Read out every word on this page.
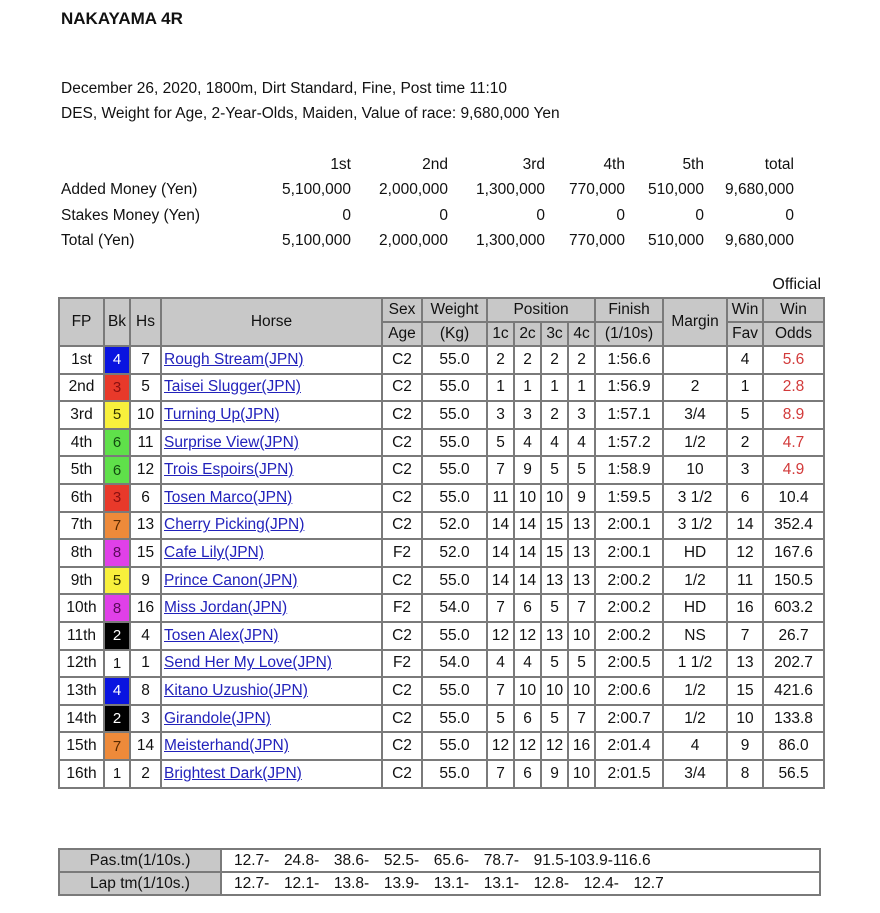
NAKAYAMA 4R
December 26, 2020, 1800m, Dirt Standard, Fine, Post time 11:10
DES, Weight for Age, 2-Year-Olds, Maiden, Value of race: 9,680,000 Yen
	1st	2nd	3rd	4th	5th	total
Added Money (Yen)	5,100,000	2,000,000	1,300,000	770,000	510,000	9,680,000
Stakes Money (Yen)	0	0	0	0	0	0
Total (Yen)	5,100,000	2,000,000	1,300,000	770,000	510,000	9,680,000
Official
FP	Bk	Hs	Horse	Sex	Weight	Position				Finish	Margin	Win	Win
				Age	(Kg)	1c	2c	3c	4c	(1/10s)		Fav	Odds
1st	4	7	Rough Stream(JPN)	C2	55.0	2	2	2	2	1:56.6		4	5.6
2nd	3	5	Taisei Slugger(JPN)	C2	55.0	1	1	1	1	1:56.9	2	1	2.8
3rd	5	10	Turning Up(JPN)	C2	55.0	3	3	2	3	1:57.1	3/4	5	8.9
4th	6	11	Surprise View(JPN)	C2	55.0	5	4	4	4	1:57.2	1/2	2	4.7
5th	6	12	Trois Espoirs(JPN)	C2	55.0	7	9	5	5	1:58.9	10	3	4.9
6th	3	6	Tosen Marco(JPN)	C2	55.0	11	10	10	9	1:59.5	3 1/2	6	10.4
7th	7	13	Cherry Picking(JPN)	C2	52.0	14	14	15	13	2:00.1	3 1/2	14	352.4
8th	8	15	Cafe Lily(JPN)	F2	52.0	14	14	15	13	2:00.1	HD	12	167.6
9th	5	9	Prince Canon(JPN)	C2	55.0	14	14	13	13	2:00.2	1/2	11	150.5
10th	8	16	Miss Jordan(JPN)	F2	54.0	7	6	5	7	2:00.2	HD	16	603.2
11th	2	4	Tosen Alex(JPN)	C2	55.0	12	12	13	10	2:00.2	NS	7	26.7
12th	1	1	Send Her My Love(JPN)	F2	54.0	4	4	5	5	2:00.5	1 1/2	13	202.7
13th	4	8	Kitano Uzushio(JPN)	C2	55.0	7	10	10	10	2:00.6	1/2	15	421.6
14th	2	3	Girandole(JPN)	C2	55.0	5	6	5	7	2:00.7	1/2	10	133.8
15th	7	14	Meisterhand(JPN)	C2	55.0	12	12	12	16	2:01.4	4	9	86.0
16th	1	2	Brightest Dark(JPN)	C2	55.0	7	6	9	10	2:01.5	3/4	8	56.5
Pas.tm(1/10s.)	12.7-  24.8-  38.6-  52.5-  65.6-  78.7-  91.5-103.9-116.6
Lap tm(1/10s.)	12.7-  12.1-  13.8-  13.9-  13.1-  13.1-  12.8-  12.4-  12.7
